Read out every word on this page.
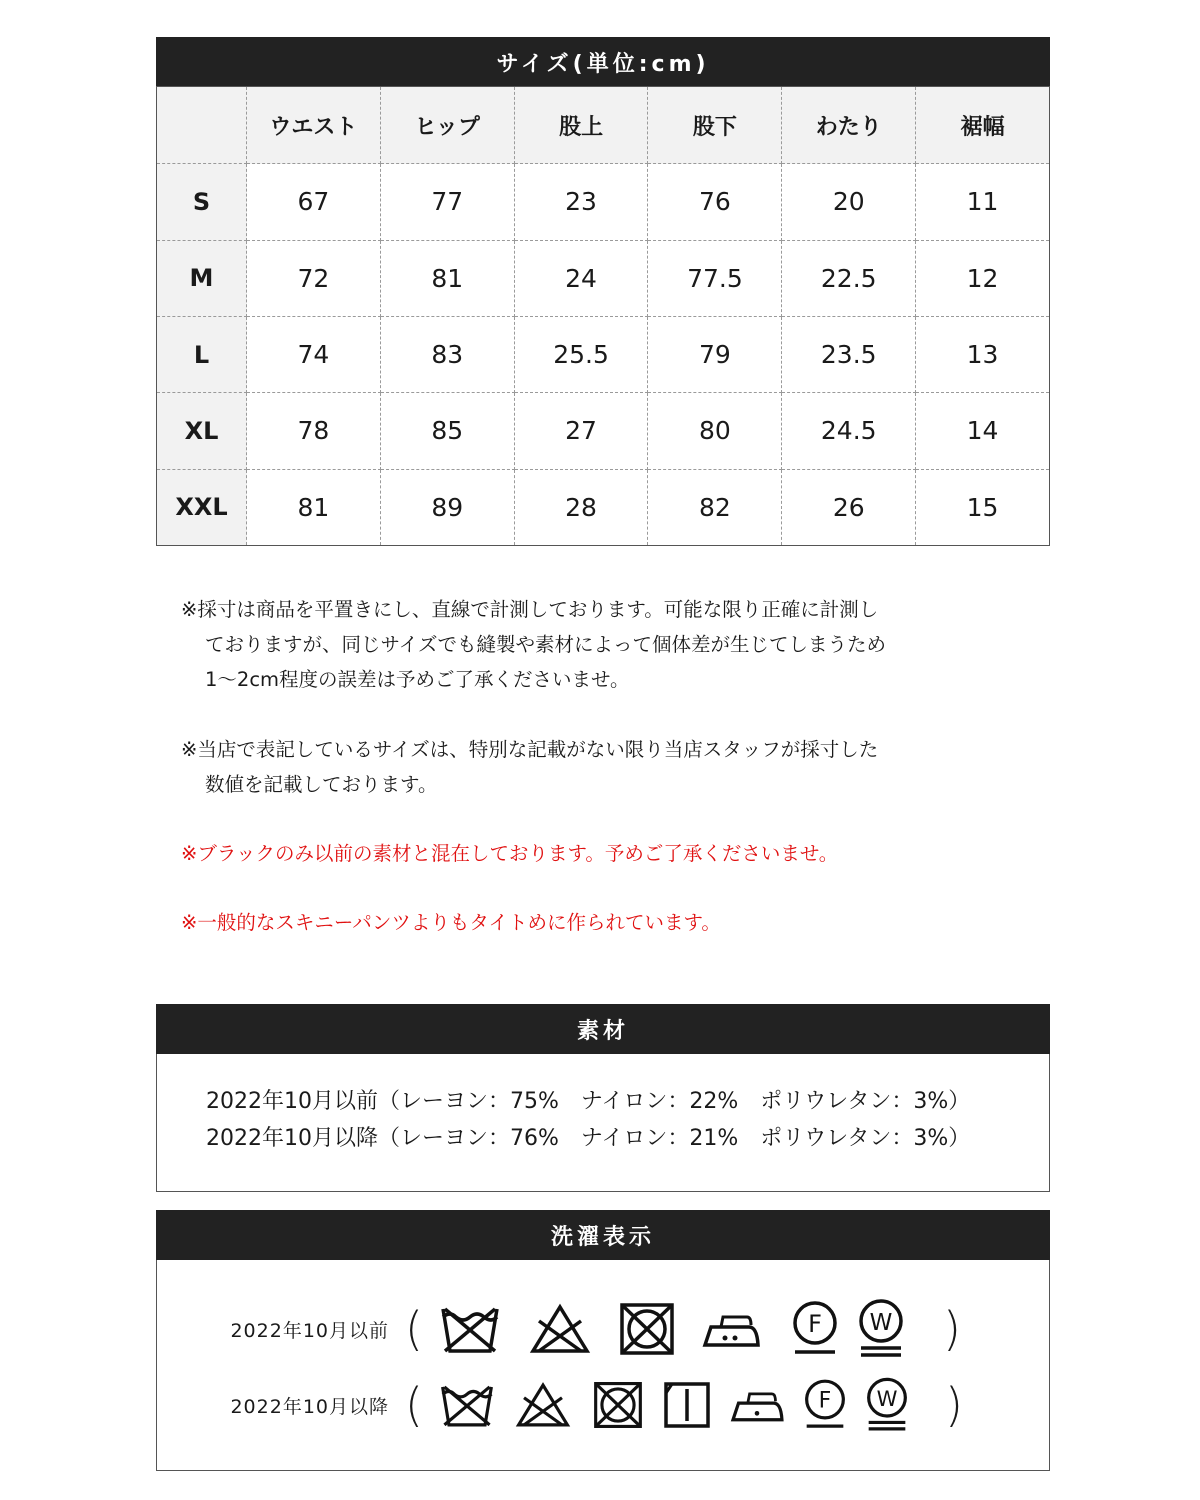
サイズ(単位:cm)
	ウエスト	ヒップ	股上	股下	わたり	裾幅
S	67	77	23	76	20	11
M	72	81	24	77.5	22.5	12
L	74	83	25.5	79	23.5	13
XL	78	85	27	80	24.5	14
XXL	81	89	28	82	26	15
※採寸は商品を平置きにし、直線で計測しております。可能な限り正確に計測し
ておりますが、同じサイズでも縫製や素材によって個体差が生じてしまうため
1～2cm程度の誤差は予めご了承くださいませ。
※当店で表記しているサイズは、特別な記載がない限り当店スタッフが採寸した
数値を記載しております。
※ブラックのみ以前の素材と混在しております。予めご了承くださいませ。
※一般的なスキニーパンツよりもタイトめに作られています。
素材
2022年10月以前（レーヨン：75%　ナイロン：22%　ポリウレタン：3%）
2022年10月以降（レーヨン：76%　ナイロン：21%　ポリウレタン：3%）
洗濯表示
2022年10月以前 (	F W )
2022年10月以降 (	F W )
